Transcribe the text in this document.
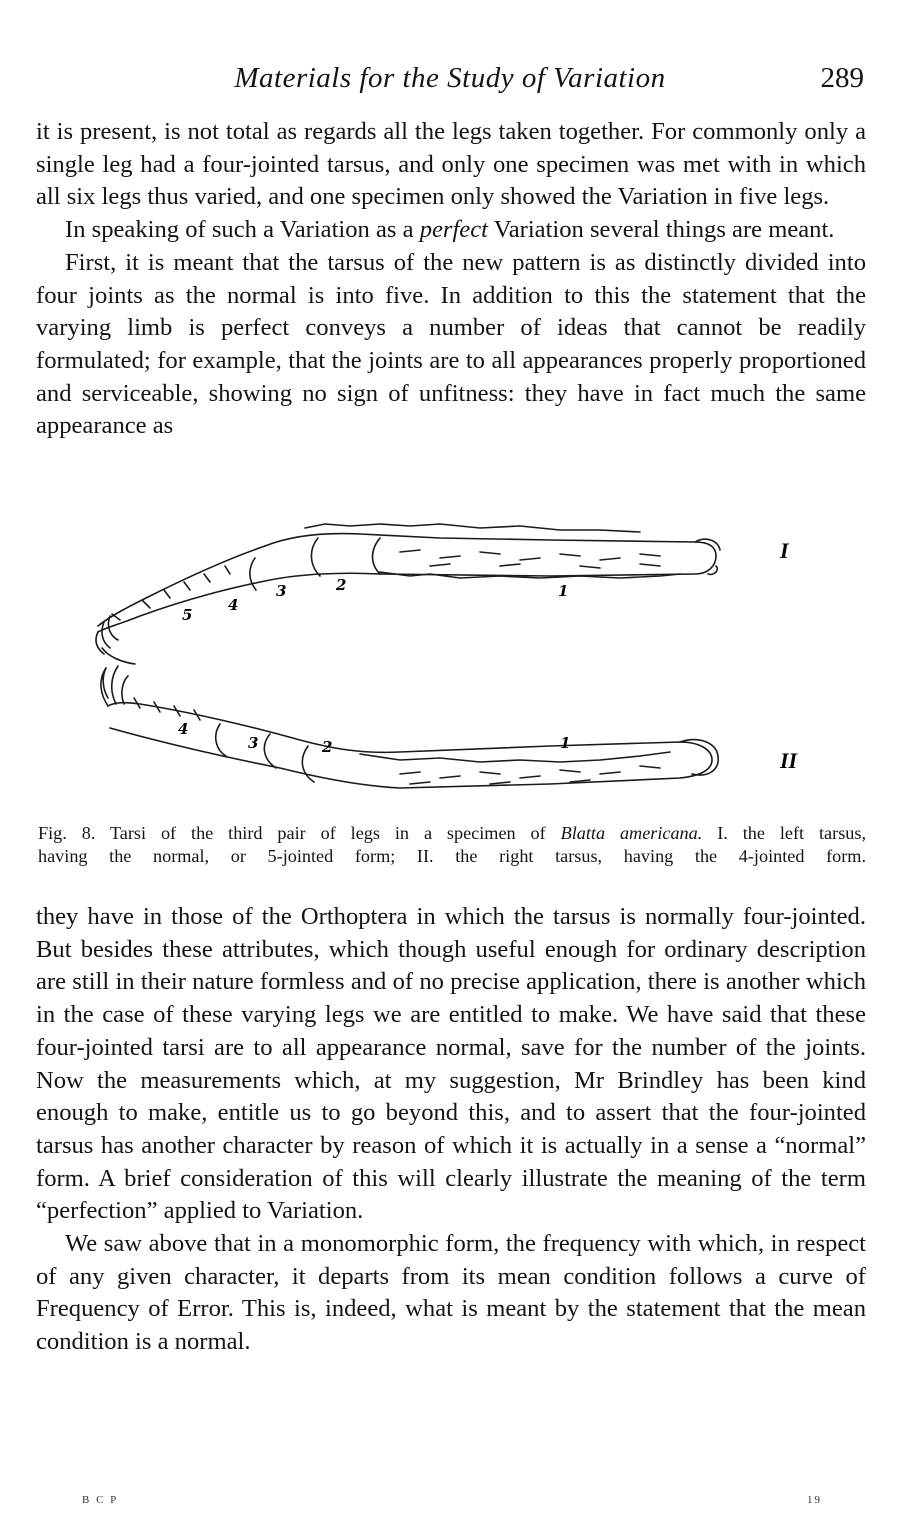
Materials for the Study of Variation	289

it is present, is not total as regards all the legs taken together. For commonly only a single leg had a four-jointed tarsus, and only one specimen was met with in which all six legs thus varied, and one specimen only showed the Variation in five legs.

In speaking of such a Variation as a perfect Variation several things are meant.

First, it is meant that the tarsus of the new pattern is as distinctly divided into four joints as the normal is into five. In addition to this the statement that the varying limb is perfect conveys a number of ideas that cannot be readily formulated; for example, that the joints are to all appearances properly proportioned and serviceable, showing no sign of unfitness: they have in fact much the same appearance as

5
4
3	2	1
I
4
3	2	1
II
Fig. 8. Tarsi of the third pair of legs in a specimen of Blatta americana. I. the left tarsus,
having the normal, or 5-jointed form; II. the right tarsus, having the 4-jointed form.

they have in those of the Orthoptera in which the tarsus is normally four-jointed. But besides these attributes, which though useful enough for ordinary description are still in their nature formless and of no precise application, there is another which in the case of these varying legs we are entitled to make. We have said that these four-jointed tarsi are to all appearance normal, save for the number of the joints. Now the measurements which, at my suggestion, Mr Brindley has been kind enough to make, entitle us to go beyond this, and to assert that the four-jointed tarsus has another character by reason of which it is actually in a sense a “normal” form. A brief consideration of this will clearly illustrate the meaning of the term “perfection” applied to Variation.

We saw above that in a monomorphic form, the frequency with which, in respect of any given character, it departs from its mean condition follows a curve of Frequency of Error. This is, indeed, what is meant by the statement that the mean condition is a normal.

B C P	19
